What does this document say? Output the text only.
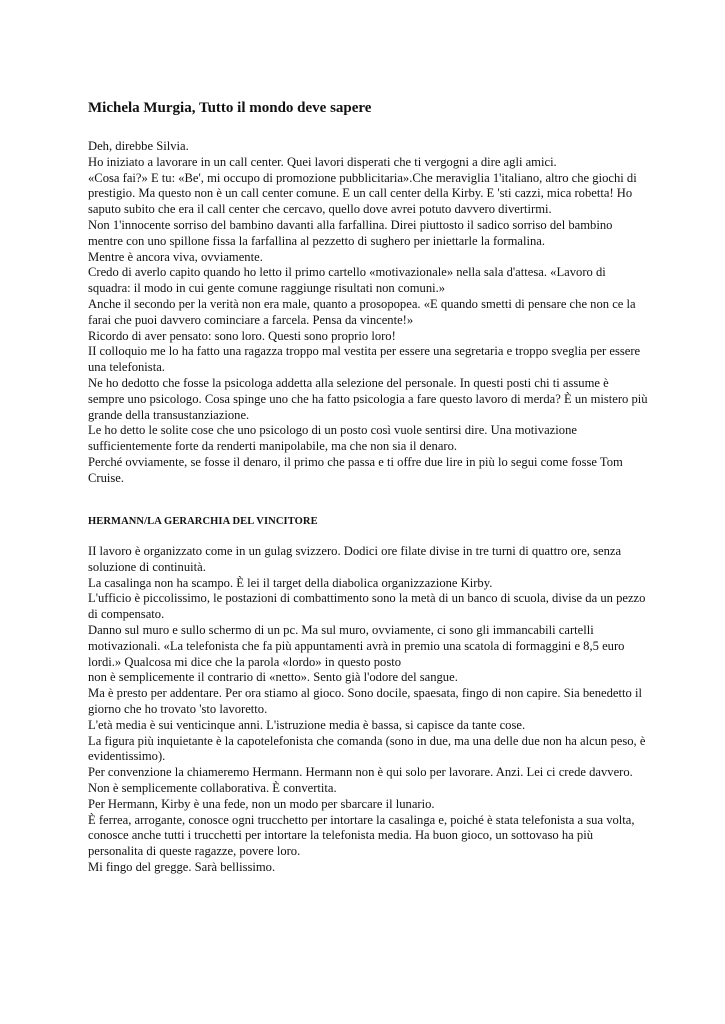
Michela Murgia, Tutto il mondo deve sapere

Deh, direbbe Silvia.

Ho iniziato a lavorare in un call center. Quei lavori disperati che ti vergogni a dire agli amici.

«Cosa fai?» E tu: «Be', mi occupo di promozione pubblicitaria».Che meraviglia 1'italiano, altro che giochi di prestigio. Ma questo non è un call center comune. E un call center della Kirby. E 'sti cazzi, mica robetta! Ho saputo subito che era il call center che cercavo, quello dove avrei potuto davvero divertirmi.

Non 1'innocente sorriso del bambino davanti alla farfallina. Direi piuttosto il sadico sorriso del bambino mentre con uno spillone fissa la farfallina al pezzetto di sughero per iniettarle la formalina.

Mentre è ancora viva, ovviamente.

Credo di averlo capito quando ho letto il primo cartello «motivazionale» nella sala d'attesa. «Lavoro di squadra: il modo in cui gente comune raggiunge risultati non comuni.»

Anche il secondo per la verità non era male, quanto a prosopopea. «E quando smetti di pensare che non ce la farai che puoi davvero cominciare a farcela. Pensa da vincente!»

Ricordo di aver pensato: sono loro. Questi sono proprio loro!

II colloquio me lo ha fatto una ragazza troppo mal vestita per essere una segretaria e troppo sveglia per essere una telefonista.

Ne ho dedotto che fosse la psicologa addetta alla selezione del personale. In questi posti chi ti assume è sempre uno psicologo. Cosa spinge uno che ha fatto psicologia a fare questo lavoro di merda? È un mistero più grande della transustanziazione.

Le ho detto le solite cose che uno psicologo di un posto così vuole sentirsi dire. Una motivazione sufficientemente forte da renderti manipolabile, ma che non sia il denaro.

Perché ovviamente, se fosse il denaro, il primo che passa e ti offre due lire in più lo segui come fosse Tom Cruise.

HERMANN/LA GERARCHIA DEL VINCITORE

II lavoro è organizzato come in un gulag svizzero. Dodici ore filate divise in tre turni di quattro ore, senza soluzione di continuità.

La casalinga non ha scampo. È lei il target della diabolica organizzazione Kirby.

L'ufficio è piccolissimo, le postazioni di combattimento sono la metà di un banco di scuola, divise da un pezzo di compensato.

Danno sul muro e sullo schermo di un pc. Ma sul muro, ovviamente, ci sono gli immancabili cartelli motivazionali. «La telefonista che fa più appuntamenti avrà in premio una scatola di formaggini e 8,5 euro lordi.» Qualcosa mi dice che la parola «lordo» in questo posto

non è semplicemente il contrario di «netto». Sento già l'odore del sangue.

Ma è presto per addentare. Per ora stiamo al gioco. Sono docile, spaesata, fingo di non capire. Sia benedetto il giorno che ho trovato 'sto lavoretto.

L'età media è sui venticinque anni. L'istruzione media è bassa, si capisce da tante cose.

La figura più inquietante è la capotelefonista che comanda (sono in due, ma una delle due non ha alcun peso, è evidentissimo).

Per convenzione la chiameremo Hermann. Hermann non è qui solo per lavorare. Anzi. Lei ci crede davvero. Non è semplicemente collaborativa. È convertita.

Per Hermann, Kirby è una fede, non un modo per sbarcare il lunario.

È ferrea, arrogante, conosce ogni trucchetto per intortare la casalinga e, poiché è stata telefonista a sua volta, conosce anche tutti i trucchetti per intortare la telefonista media. Ha buon gioco, un sottovaso ha più personalita di queste ragazze, povere loro.

Mi fingo del gregge. Sarà bellissimo.
